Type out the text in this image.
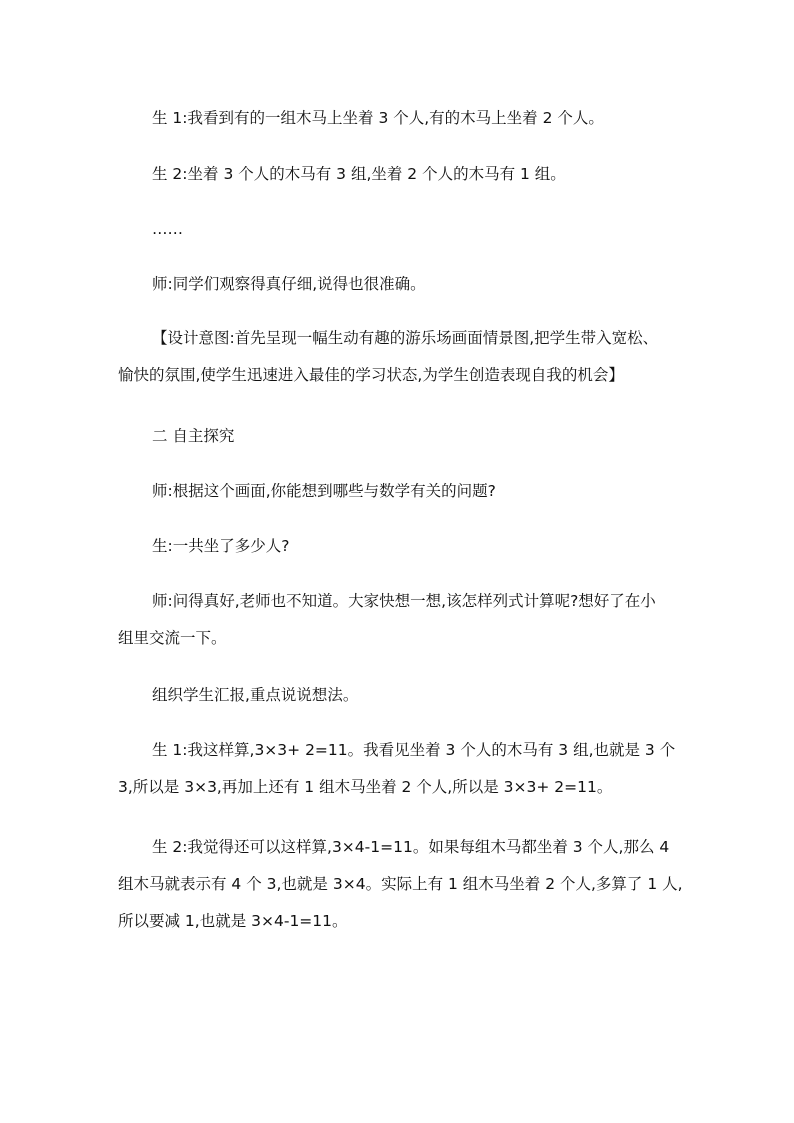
生 1:我看到有的一组木马上坐着 3 个人,有的木马上坐着 2 个人。

生 2:坐着 3 个人的木马有 3 组,坐着 2 个人的木马有 1 组。

……

师:同学们观察得真仔细,说得也很准确。

【设计意图:首先呈现一幅生动有趣的游乐场画面情景图,把学生带入宽松、
愉快的氛围,使学生迅速进入最佳的学习状态,为学生创造表现自我的机会】

二 自主探究

师:根据这个画面,你能想到哪些与数学有关的问题?

生:一共坐了多少人?

师:问得真好,老师也不知道。大家快想一想,该怎样列式计算呢?想好了在小
组里交流一下。

组织学生汇报,重点说说想法。

生 1:我这样算,3×3+ 2=11。我看见坐着 3 个人的木马有 3 组,也就是 3 个
3,所以是 3×3,再加上还有 1 组木马坐着 2 个人,所以是 3×3+ 2=11。

生 2:我觉得还可以这样算,3×4-1=11。如果每组木马都坐着 3 个人,那么 4
组木马就表示有 4 个 3,也就是 3×4。实际上有 1 组木马坐着 2 个人,多算了 1 人,
所以要减 1,也就是 3×4-1=11。
